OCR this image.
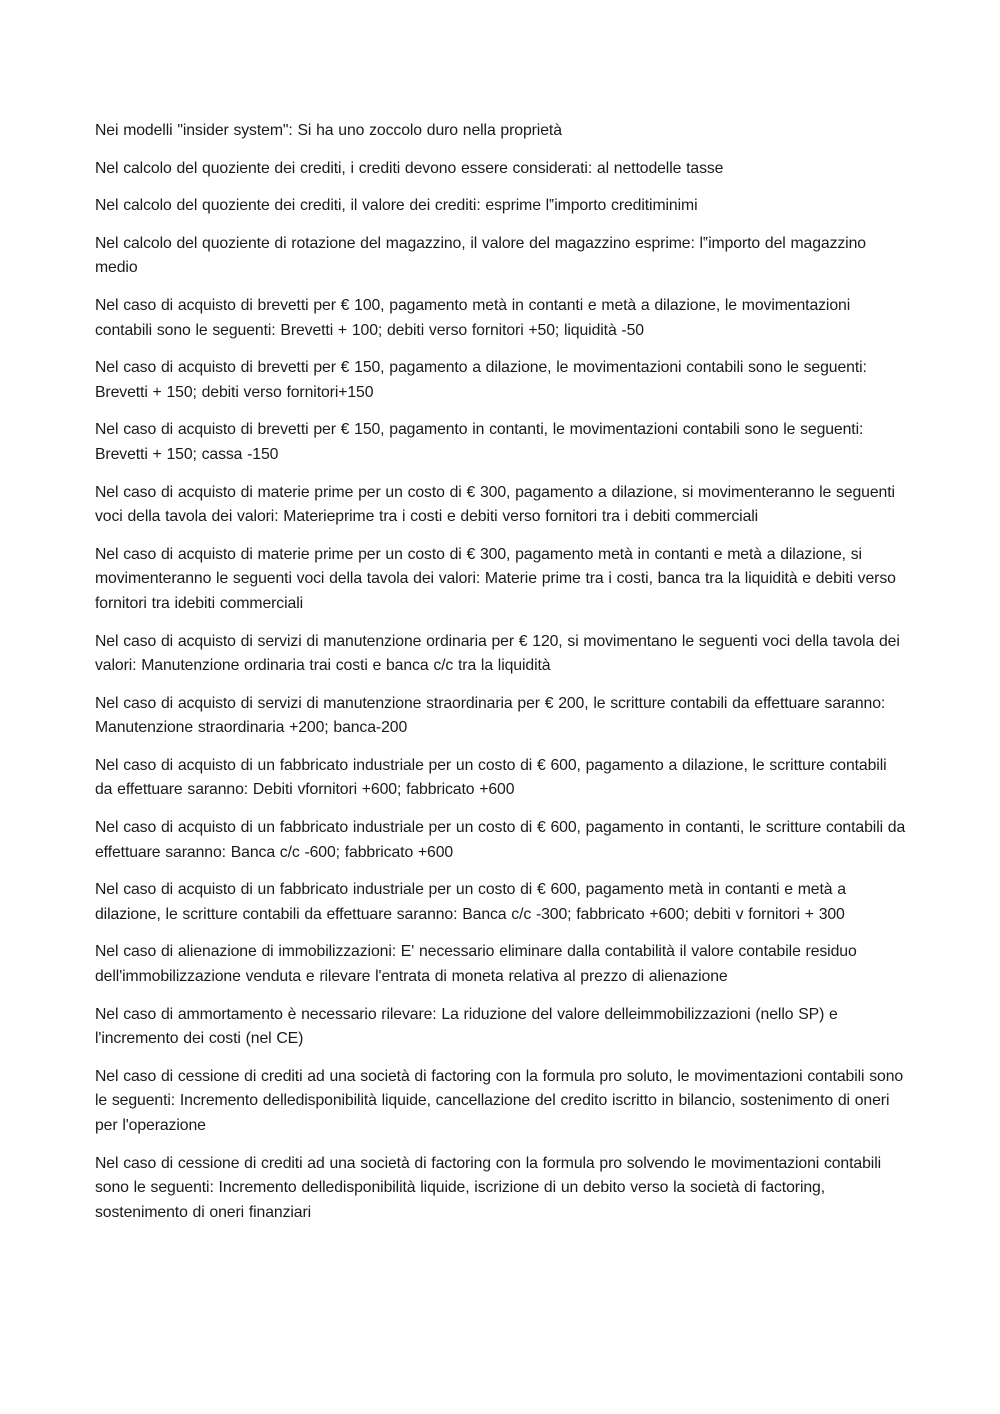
Nei modelli "insider system": Si ha uno zoccolo duro nella proprietà

Nel calcolo del quoziente dei crediti, i crediti devono essere considerati: al nettodelle tasse

Nel calcolo del quoziente dei crediti, il valore dei crediti: esprime l‟importo creditiminimi

Nel calcolo del quoziente di rotazione del magazzino, il valore del magazzino esprime: l‟importo del magazzino medio

Nel caso di acquisto di brevetti per € 100, pagamento metà in contanti e metà a dilazione, le movimentazioni contabili sono le seguenti: Brevetti + 100; debiti verso fornitori +50; liquidità -50

Nel caso di acquisto di brevetti per € 150, pagamento a dilazione, le movimentazioni contabili sono le seguenti: Brevetti + 150; debiti verso fornitori+150

Nel caso di acquisto di brevetti per € 150, pagamento in contanti, le movimentazioni contabili sono le seguenti: Brevetti + 150; cassa -150

Nel caso di acquisto di materie prime per un costo di € 300, pagamento a dilazione, si movimenteranno le seguenti voci della tavola dei valori: Materieprime tra i costi e debiti verso fornitori tra i debiti commerciali

Nel caso di acquisto di materie prime per un costo di € 300, pagamento metà in contanti e metà a dilazione, si movimenteranno le seguenti voci della tavola dei valori: Materie prime tra i costi, banca tra la liquidità e debiti verso fornitori tra idebiti commerciali

Nel caso di acquisto di servizi di manutenzione ordinaria per € 120, si movimentano le seguenti voci della tavola dei valori: Manutenzione ordinaria trai costi e banca c/c tra la liquidità

Nel caso di acquisto di servizi di manutenzione straordinaria per € 200, le scritture contabili da effettuare saranno: Manutenzione straordinaria +200; banca-200

Nel caso di acquisto di un fabbricato industriale per un costo di € 600, pagamento a dilazione, le scritture contabili da effettuare saranno: Debiti vfornitori +600; fabbricato +600

Nel caso di acquisto di un fabbricato industriale per un costo di € 600, pagamento in contanti, le scritture contabili da effettuare saranno: Banca c/c -600; fabbricato +600

Nel caso di acquisto di un fabbricato industriale per un costo di € 600, pagamento metà in contanti e metà a dilazione, le scritture contabili da effettuare saranno: Banca c/c -300; fabbricato +600; debiti v fornitori + 300

Nel caso di alienazione di immobilizzazioni: E' necessario eliminare dalla contabilità il valore contabile residuo dell'immobilizzazione venduta e rilevare l'entrata di moneta relativa al prezzo di alienazione

Nel caso di ammortamento è necessario rilevare: La riduzione del valore delleimmobilizzazioni (nello SP) e l'incremento dei costi (nel CE)

Nel caso di cessione di crediti ad una società di factoring con la formula pro soluto, le movimentazioni contabili sono le seguenti: Incremento delledisponibilità liquide, cancellazione del credito iscritto in bilancio, sostenimento di oneri per l'operazione

Nel caso di cessione di crediti ad una società di factoring con la formula pro solvendo le movimentazioni contabili sono le seguenti: Incremento delledisponibilità liquide, iscrizione di un debito verso la società di factoring, sostenimento di oneri finanziari
